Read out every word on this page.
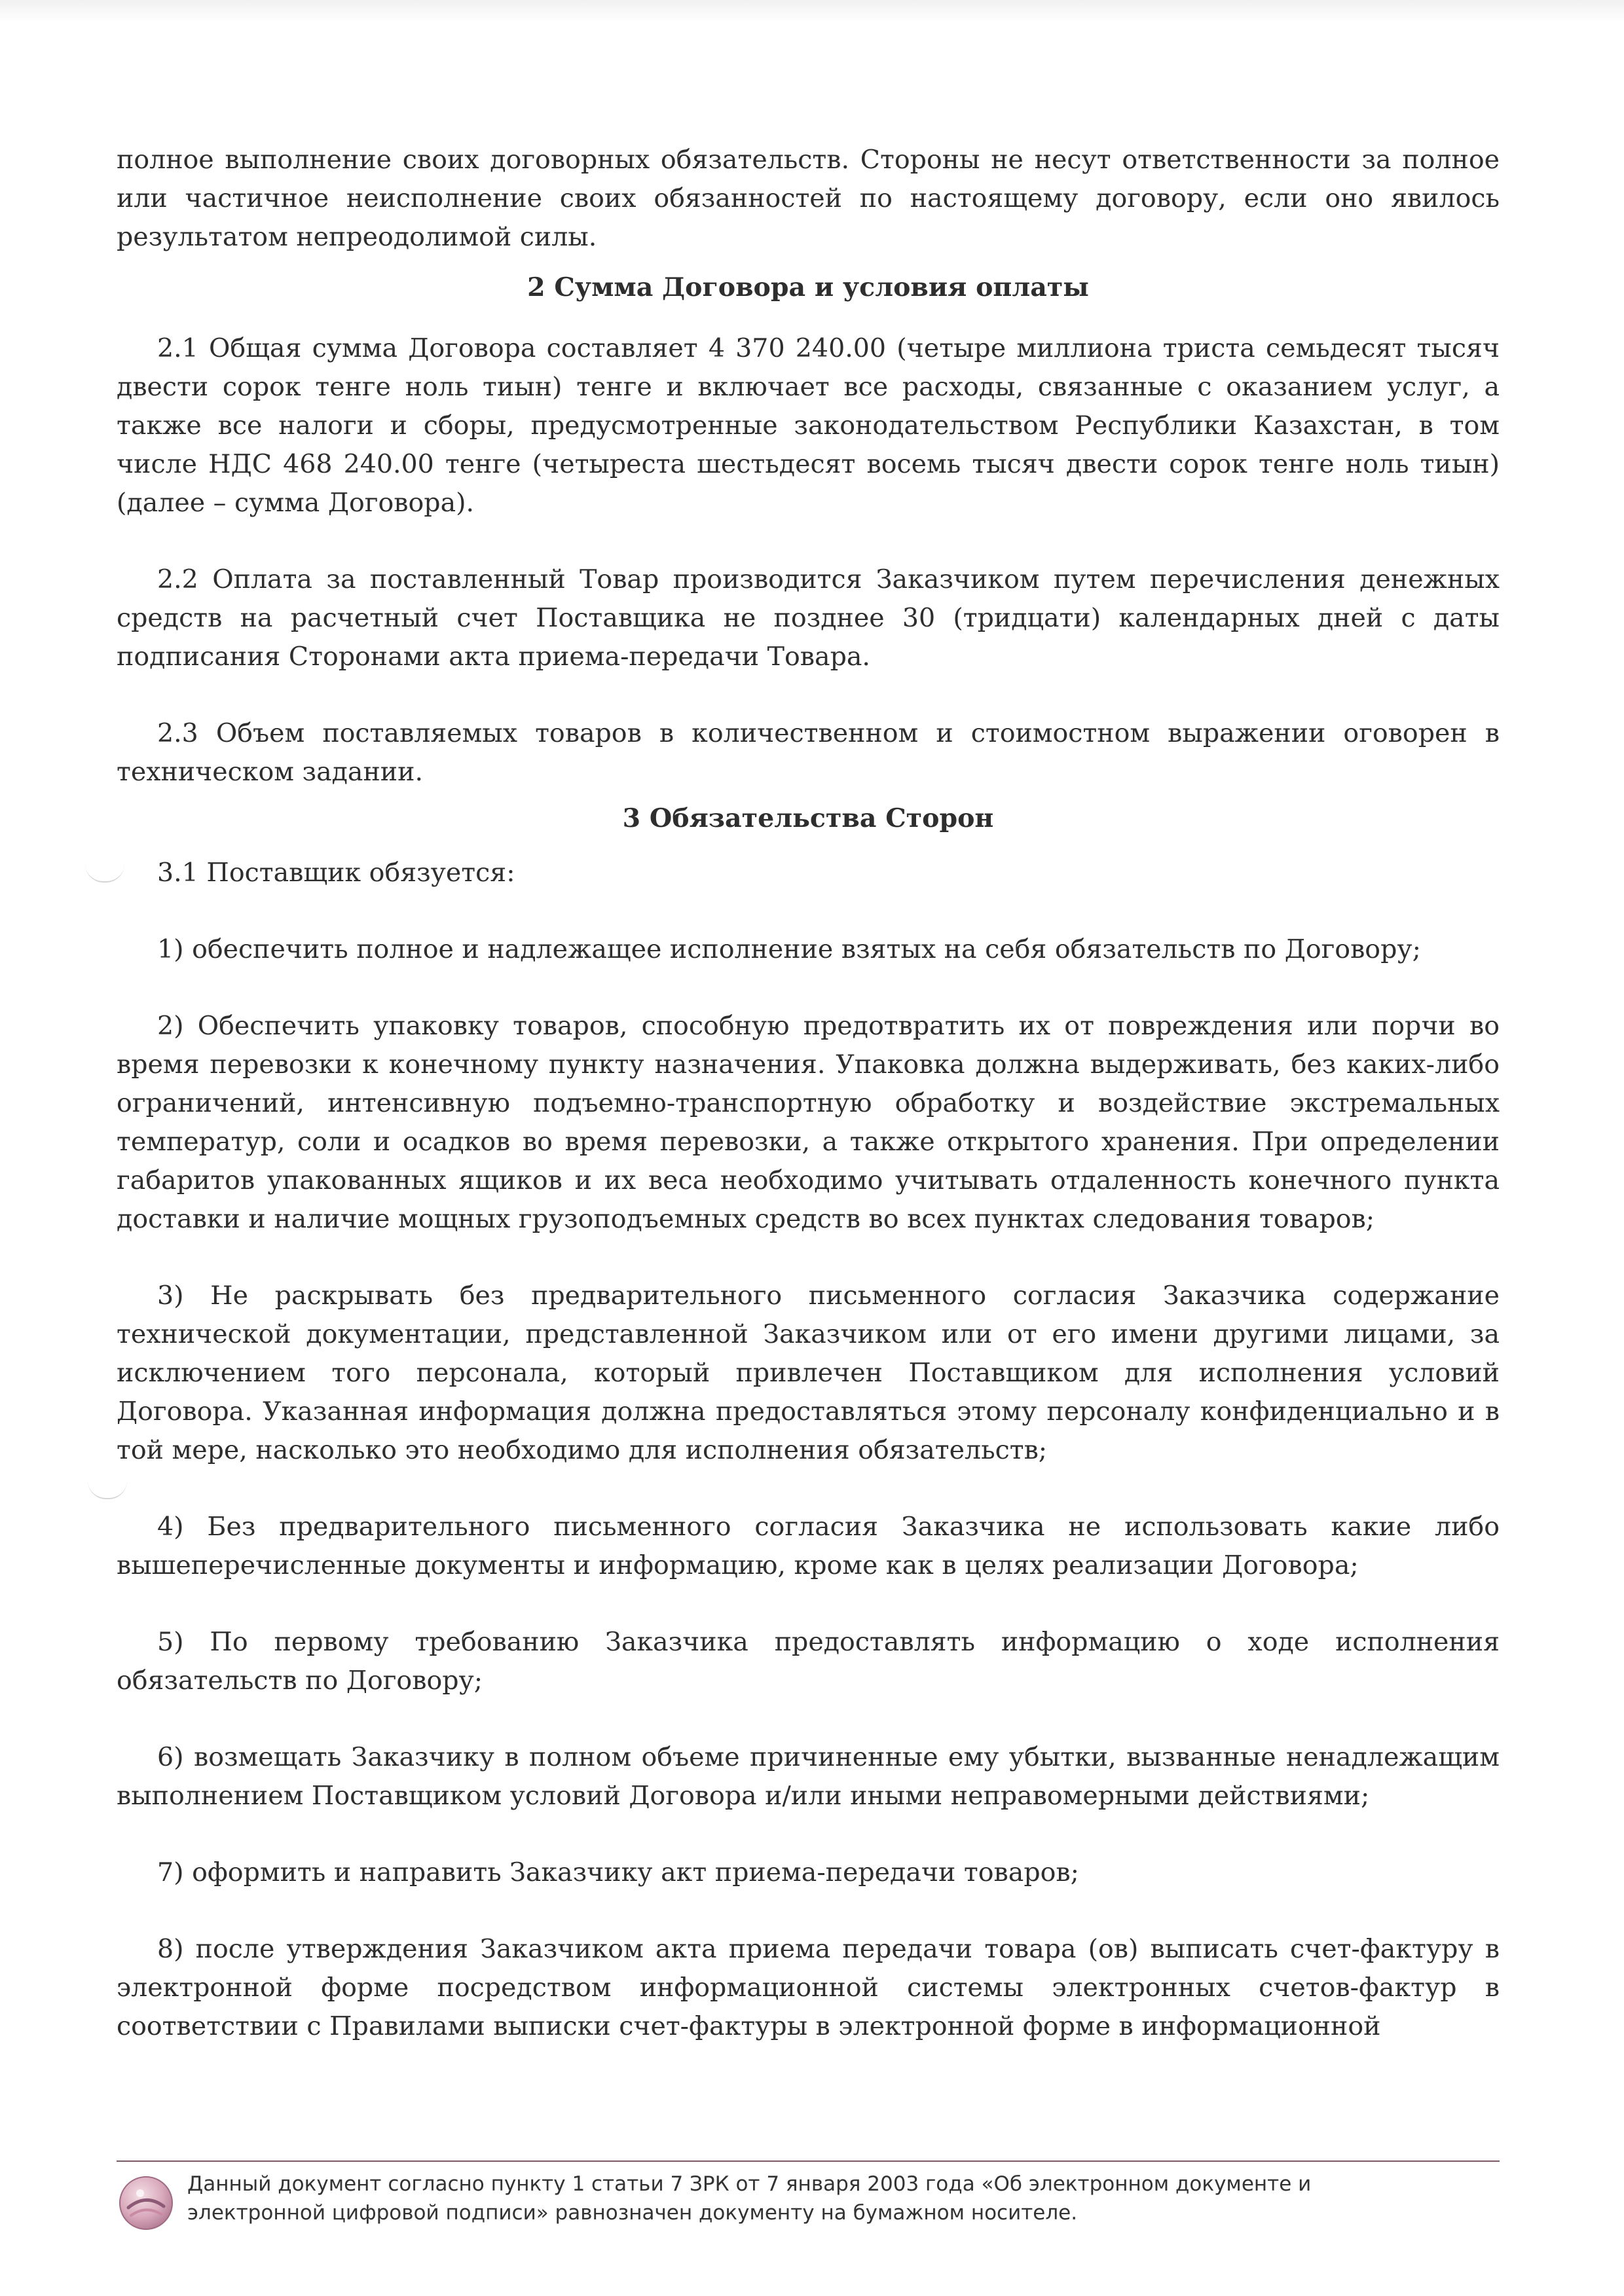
полное выполнение своих договорных обязательств. Стороны не несут ответственности за полное или частичное неисполнение своих обязанностей по настоящему договору, если оно явилось результатом непреодолимой силы.

2 Сумма Договора и условия оплаты

2.1 Общая сумма Договора составляет 4 370 240.00 (четыре миллиона триста семьдесят тысяч двести сорок тенге ноль тиын) тенге и включает все расходы, связанные с оказанием услуг, а также все налоги и сборы, предусмотренные законодательством Республики Казахстан, в том числе НДС 468 240.00 тенге (четыреста шестьдесят восемь тысяч двести сорок тенге ноль тиын) (далее – сумма Договора).

2.2 Оплата за поставленный Товар производится Заказчиком путем перечисления денежных средств на расчетный счет Поставщика не позднее 30 (тридцати) календарных дней с даты подписания Сторонами акта приема-передачи Товара.

2.3 Объем поставляемых товаров в количественном и стоимостном выражении оговорен в техническом задании.

3 Обязательства Сторон

3.1 Поставщик обязуется:

1) обеспечить полное и надлежащее исполнение взятых на себя обязательств по Договору;

2) Обеспечить упаковку товаров, способную предотвратить их от повреждения или порчи во время перевозки к конечному пункту назначения. Упаковка должна выдерживать, без каких-либо ограничений, интенсивную подъемно-транспортную обработку и воздействие экстремальных температур, соли и осадков во время перевозки, а также открытого хранения. При определении габаритов упакованных ящиков и их веса необходимо учитывать отдаленность конечного пункта доставки и наличие мощных грузоподъемных средств во всех пунктах следования товаров;

3) Не раскрывать без предварительного письменного согласия Заказчика содержание технической документации, представленной Заказчиком или от его имени другими лицами, за исключением того персонала, который привлечен Поставщиком для исполнения условий Договора. Указанная информация должна предоставляться этому персоналу конфиденциально и в той мере, насколько это необходимо для исполнения обязательств;

4) Без предварительного письменного согласия Заказчика не использовать какие либо вышеперечисленные документы и информацию, кроме как в целях реализации Договора;

5) По первому требованию Заказчика предоставлять информацию о ходе исполнения обязательств по Договору;

6) возмещать Заказчику в полном объеме причиненные ему убытки, вызванные ненадлежащим выполнением Поставщиком условий Договора и/или иными неправомерными действиями;

7) оформить и направить Заказчику акт приема-передачи товаров;

8) после утверждения Заказчиком акта приема передачи товара (ов) выписать счет-фактуру в электронной форме посредством информационной системы электронных счетов-фактур в соответствии с Правилами выписки счет-фактуры в электронной форме в информационной

Данный документ согласно пункту 1 статьи 7 ЗРК от 7 января 2003 года «Об электронном документе и
электронной цифровой подписи» равнозначен документу на бумажном носителе.
